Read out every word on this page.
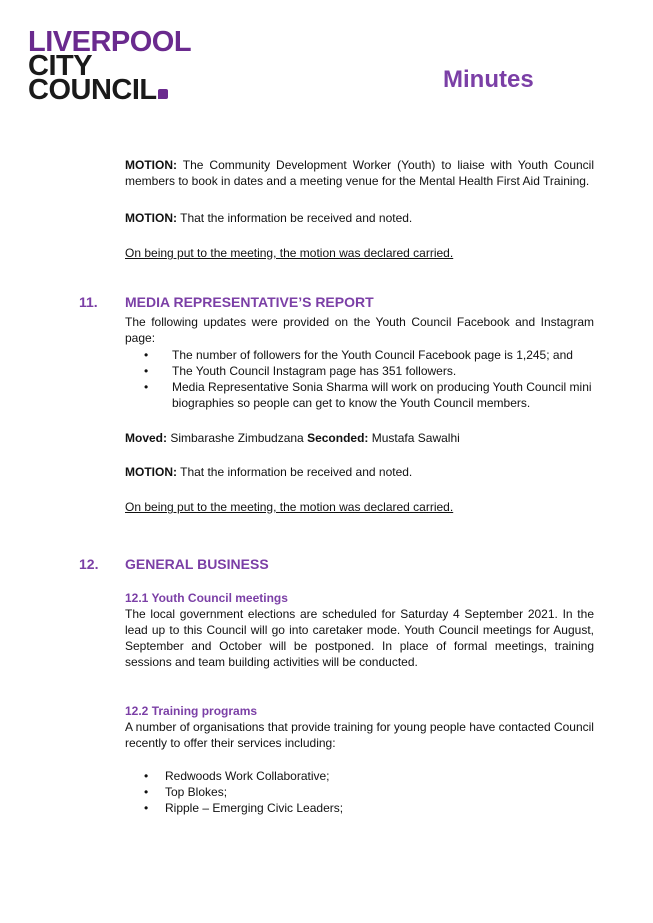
LIVERPOOL
CITY
COUNCIL	Minutes

MOTION: The Community Development Worker (Youth) to liaise with Youth Council members to book in dates and a meeting venue for the Mental Health First Aid Training.

MOTION: That the information be received and noted.

On being put to the meeting, the motion was declared carried.

11. MEDIA REPRESENTATIVE’S REPORT

The following updates were provided on the Youth Council Facebook and Instagram page:

• The number of followers for the Youth Council Facebook page is 1,245; and
• The Youth Council Instagram page has 351 followers.
• Media Representative Sonia Sharma will work on producing Youth Council mini biographies so people can get to know the Youth Council members.

Moved: Simbarashe Zimbudzana Seconded: Mustafa Sawalhi

MOTION: That the information be received and noted.

On being put to the meeting, the motion was declared carried.

12. GENERAL BUSINESS
12.1 Youth Council meetings

The local government elections are scheduled for Saturday 4 September 2021. In the lead up to this Council will go into caretaker mode. Youth Council meetings for August, September and October will be postponed. In place of formal meetings, training sessions and team building activities will be conducted.

12.2 Training programs

A number of organisations that provide training for young people have contacted Council recently to offer their services including:

• Redwoods Work Collaborative;
• Top Blokes;
• Ripple – Emerging Civic Leaders;
